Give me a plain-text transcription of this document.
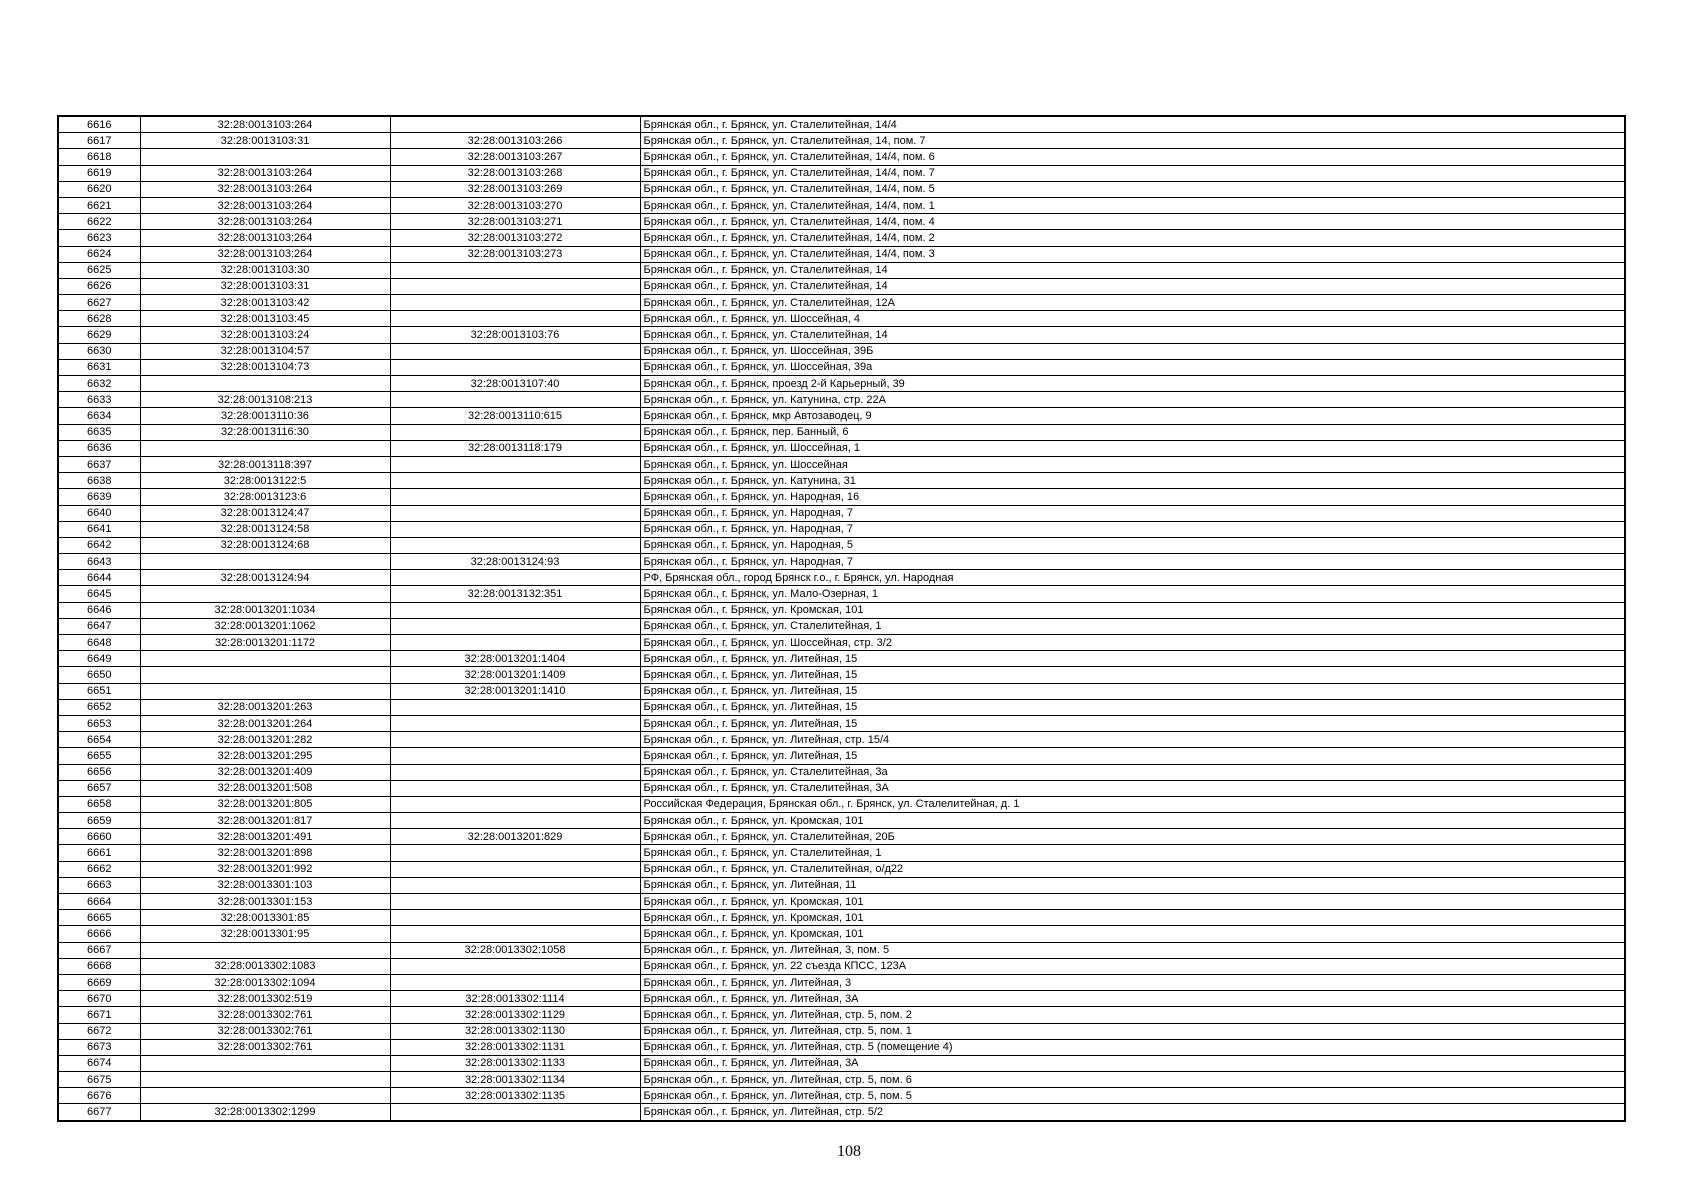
6616	32:28:0013103:264		Брянская обл., г. Брянск, ул. Сталелитейная, 14/4
6617	32:28:0013103:31	32:28:0013103:266	Брянская обл., г. Брянск, ул. Сталелитейная, 14, пом. 7
6618		32:28:0013103:267	Брянская обл., г. Брянск, ул. Сталелитейная, 14/4, пом. 6
6619	32:28:0013103:264	32:28:0013103:268	Брянская обл., г. Брянск, ул. Сталелитейная, 14/4, пом. 7
6620	32:28:0013103:264	32:28:0013103:269	Брянская обл., г. Брянск, ул. Сталелитейная, 14/4, пом. 5
6621	32:28:0013103:264	32:28:0013103:270	Брянская обл., г. Брянск, ул. Сталелитейная, 14/4, пом. 1
6622	32:28:0013103:264	32:28:0013103:271	Брянская обл., г. Брянск, ул. Сталелитейная, 14/4, пом. 4
6623	32:28:0013103:264	32:28:0013103:272	Брянская обл., г. Брянск, ул. Сталелитейная, 14/4, пом. 2
6624	32:28:0013103:264	32:28:0013103:273	Брянская обл., г. Брянск, ул. Сталелитейная, 14/4, пом. 3
6625	32:28:0013103:30		Брянская обл., г. Брянск, ул. Сталелитейная, 14
6626	32:28:0013103:31		Брянская обл., г. Брянск, ул. Сталелитейная, 14
6627	32:28:0013103:42		Брянская обл., г. Брянск, ул. Сталелитейная, 12А
6628	32:28:0013103:45		Брянская обл., г. Брянск, ул. Шоссейная, 4
6629	32:28:0013103:24	32:28:0013103:76	Брянская обл., г. Брянск, ул. Сталелитейная, 14
6630	32:28:0013104:57		Брянская обл., г. Брянск, ул. Шоссейная, 39Б
6631	32:28:0013104:73		Брянская обл., г. Брянск, ул. Шоссейная, 39а
6632		32:28:0013107:40	Брянская обл., г. Брянск, проезд 2-й Карьерный, 39
6633	32:28:0013108:213		Брянская обл., г. Брянск, ул. Катунина, стр. 22А
6634	32:28:0013110:36	32:28:0013110:615	Брянская обл., г. Брянск, мкр Автозаводец, 9
6635	32:28:0013116:30		Брянская обл., г. Брянск, пер. Банный, 6
6636		32:28:0013118:179	Брянская обл., г. Брянск, ул. Шоссейная, 1
6637	32:28:0013118:397		Брянская обл., г. Брянск, ул. Шоссейная
6638	32:28:0013122:5		Брянская обл., г. Брянск, ул. Катунина, 31
6639	32:28:0013123:6		Брянская обл., г. Брянск, ул. Народная, 16
6640	32:28:0013124:47		Брянская обл., г. Брянск, ул. Народная, 7
6641	32:28:0013124:58		Брянская обл., г. Брянск, ул. Народная, 7
6642	32:28:0013124:68		Брянская обл., г. Брянск, ул. Народная, 5
6643		32:28:0013124:93	Брянская обл., г. Брянск, ул. Народная, 7
6644	32:28:0013124:94		РФ, Брянская обл., город Брянск г.о., г. Брянск, ул. Народная
6645		32:28:0013132:351	Брянская обл., г. Брянск, ул. Мало-Озерная, 1
6646	32:28:0013201:1034		Брянская обл., г. Брянск, ул. Кромская, 101
6647	32:28:0013201:1062		Брянская обл., г. Брянск, ул. Сталелитейная, 1
6648	32:28:0013201:1172		Брянская обл., г. Брянск, ул. Шоссейная, стр. 3/2
6649		32:28:0013201:1404	Брянская обл., г. Брянск, ул. Литейная, 15
6650		32:28:0013201:1409	Брянская обл., г. Брянск, ул. Литейная, 15
6651		32:28:0013201:1410	Брянская обл., г. Брянск, ул. Литейная, 15
6652	32:28:0013201:263		Брянская обл., г. Брянск, ул. Литейная, 15
6653	32:28:0013201:264		Брянская обл., г. Брянск, ул. Литейная, 15
6654	32:28:0013201:282		Брянская обл., г. Брянск, ул. Литейная, стр. 15/4
6655	32:28:0013201:295		Брянская обл., г. Брянск, ул. Литейная, 15
6656	32:28:0013201:409		Брянская обл., г. Брянск, ул. Сталелитейная, 3а
6657	32:28:0013201:508		Брянская обл., г. Брянск, ул. Сталелитейная, 3А
6658	32:28:0013201:805		Российская Федерация, Брянская обл., г. Брянск, ул. Сталелитейная, д. 1
6659	32:28:0013201:817		Брянская обл., г. Брянск, ул. Кромская, 101
6660	32:28:0013201:491	32:28:0013201:829	Брянская обл., г. Брянск, ул. Сталелитейная, 20Б
6661	32:28:0013201:898		Брянская обл., г. Брянск, ул. Сталелитейная, 1
6662	32:28:0013201:992		Брянская обл., г. Брянск, ул. Сталелитейная, о/д22
6663	32:28:0013301:103		Брянская обл., г. Брянск, ул. Литейная, 11
6664	32:28:0013301:153		Брянская обл., г. Брянск, ул. Кромская, 101
6665	32:28:0013301:85		Брянская обл., г. Брянск, ул. Кромская, 101
6666	32:28:0013301:95		Брянская обл., г. Брянск, ул. Кромская, 101
6667		32:28:0013302:1058	Брянская обл., г. Брянск, ул. Литейная, 3, пом. 5
6668	32:28:0013302:1083		Брянская обл., г. Брянск, ул. 22 съезда КПСС, 123А
6669	32:28:0013302:1094		Брянская обл., г. Брянск, ул. Литейная, 3
6670	32:28:0013302:519	32:28:0013302:1114	Брянская обл., г. Брянск, ул. Литейная, 3А
6671	32:28:0013302:761	32:28:0013302:1129	Брянская обл., г. Брянск, ул. Литейная, стр. 5, пом. 2
6672	32:28:0013302:761	32:28:0013302:1130	Брянская обл., г. Брянск, ул. Литейная, стр. 5, пом. 1
6673	32:28:0013302:761	32:28:0013302:1131	Брянская обл., г. Брянск, ул. Литейная, стр. 5 (помещение 4)
6674		32:28:0013302:1133	Брянская обл., г. Брянск, ул. Литейная, 3А
6675		32:28:0013302:1134	Брянская обл., г. Брянск, ул. Литейная, стр. 5, пом. 6
6676		32:28:0013302:1135	Брянская обл., г. Брянск, ул. Литейная, стр. 5, пом. 5
6677	32:28:0013302:1299		Брянская обл., г. Брянск, ул. Литейная, стр. 5/2
108
